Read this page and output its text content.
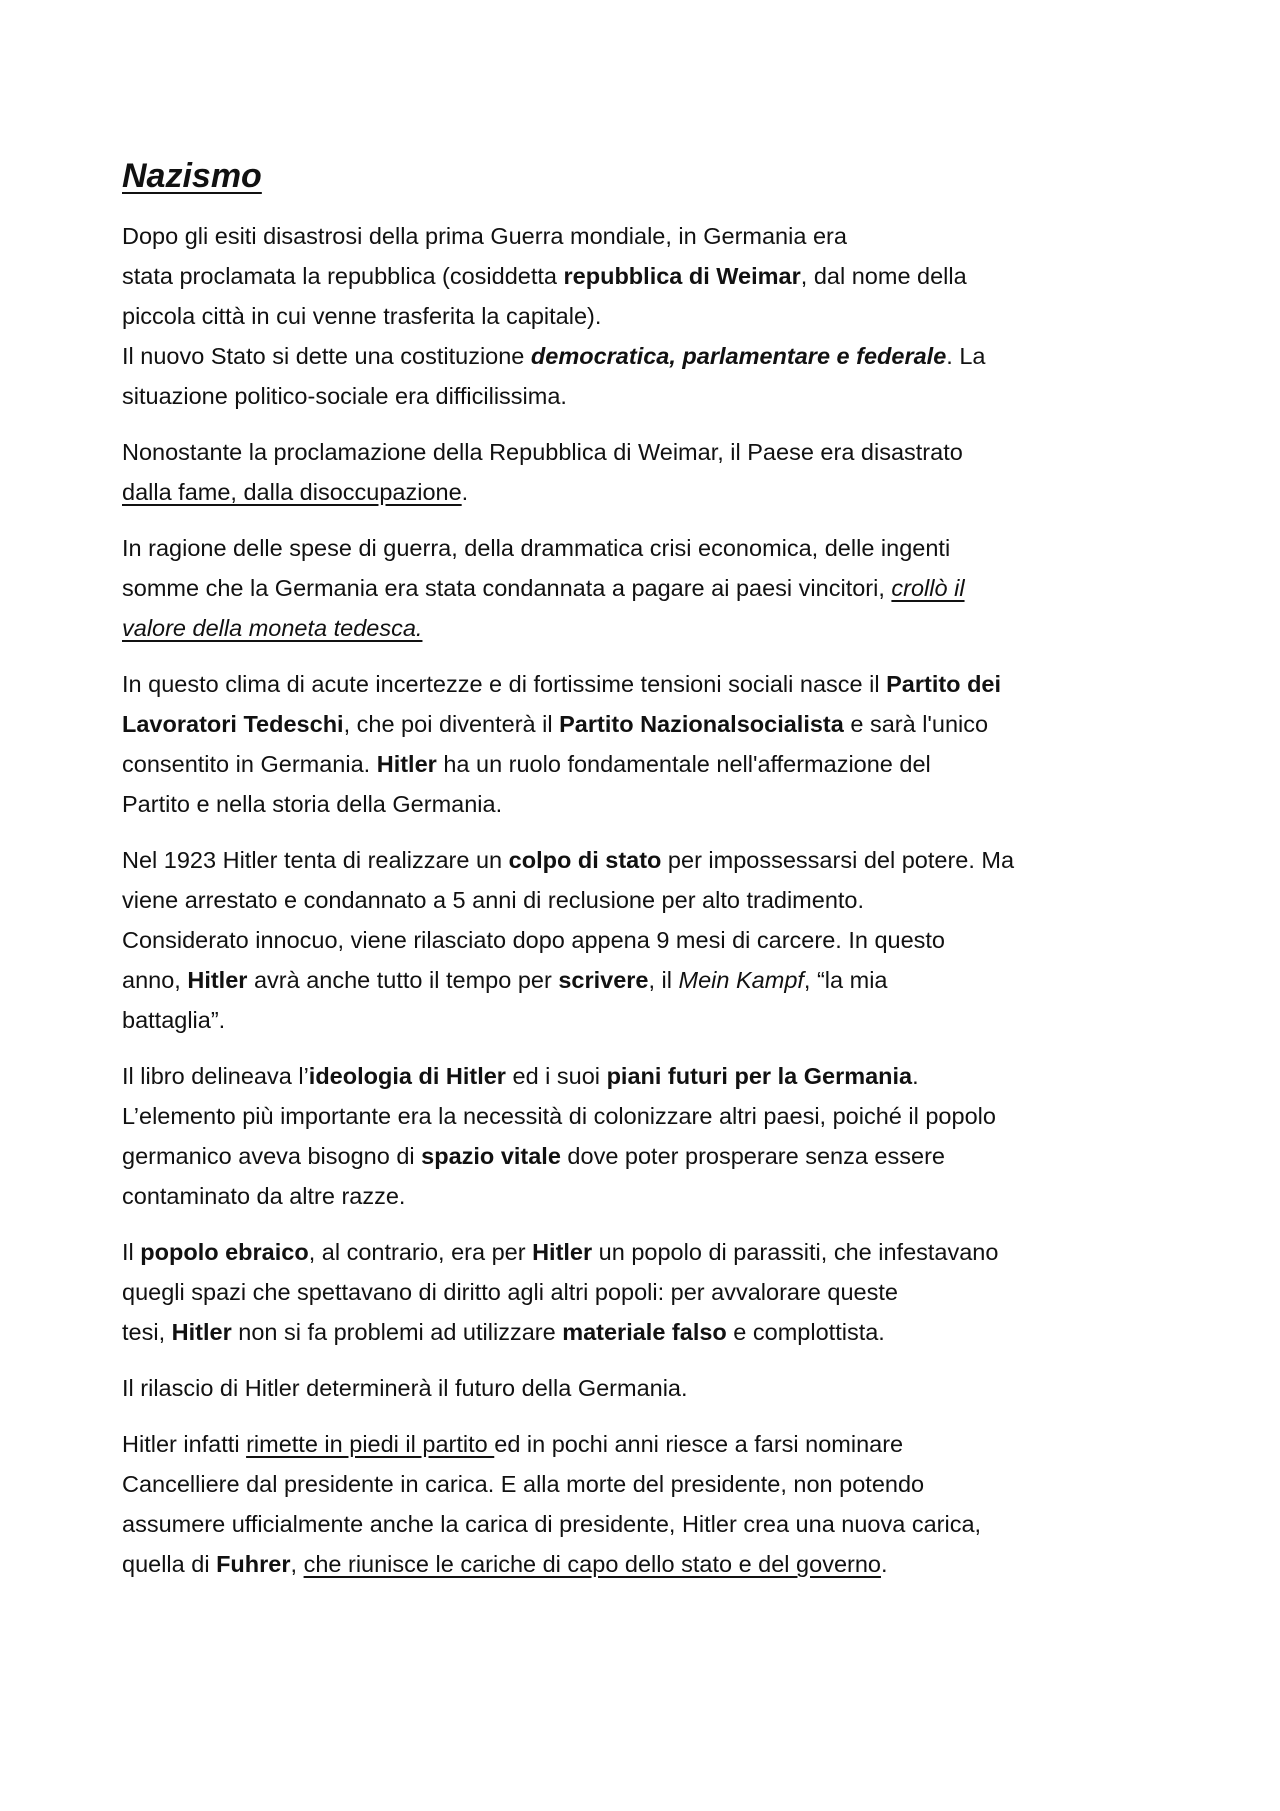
Nazismo

Dopo gli esiti disastrosi della prima Guerra mondiale, in Germania era
stata proclamata la repubblica (cosiddetta repubblica di Weimar, dal nome della
piccola città in cui venne trasferita la capitale).
Il nuovo Stato si dette una costituzione democratica, parlamentare e federale. La
situazione politico-sociale era difficilissima.

Nonostante la proclamazione della Repubblica di Weimar, il Paese era disastrato
dalla fame, dalla disoccupazione.

In ragione delle spese di guerra, della drammatica crisi economica, delle ingenti
somme che la Germania era stata condannata a pagare ai paesi vincitori, crollò il
valore della moneta tedesca.

In questo clima di acute incertezze e di fortissime tensioni sociali nasce il Partito dei
Lavoratori Tedeschi, che poi diventerà il Partito Nazionalsocialista e sarà l'unico
consentito in Germania. Hitler ha un ruolo fondamentale nell'affermazione del
Partito e nella storia della Germania.

Nel 1923 Hitler tenta di realizzare un colpo di stato per impossessarsi del potere. Ma
viene arrestato e condannato a 5 anni di reclusione per alto tradimento.
Considerato innocuo, viene rilasciato dopo appena 9 mesi di carcere. In questo
anno, Hitler avrà anche tutto il tempo per scrivere, il Mein Kampf, “la mia
battaglia”.

Il libro delineava l’ideologia di Hitler ed i suoi piani futuri per la Germania.
L’elemento più importante era la necessità di colonizzare altri paesi, poiché il popolo
germanico aveva bisogno di spazio vitale dove poter prosperare senza essere
contaminato da altre razze.

Il popolo ebraico, al contrario, era per Hitler un popolo di parassiti, che infestavano
quegli spazi che spettavano di diritto agli altri popoli: per avvalorare queste
tesi, Hitler non si fa problemi ad utilizzare materiale falso e complottista.

Il rilascio di Hitler determinerà il futuro della Germania.

Hitler infatti rimette in piedi il partito ed in pochi anni riesce a farsi nominare
Cancelliere dal presidente in carica. E alla morte del presidente, non potendo
assumere ufficialmente anche la carica di presidente, Hitler crea una nuova carica,
quella di Fuhrer, che riunisce le cariche di capo dello stato e del governo.
